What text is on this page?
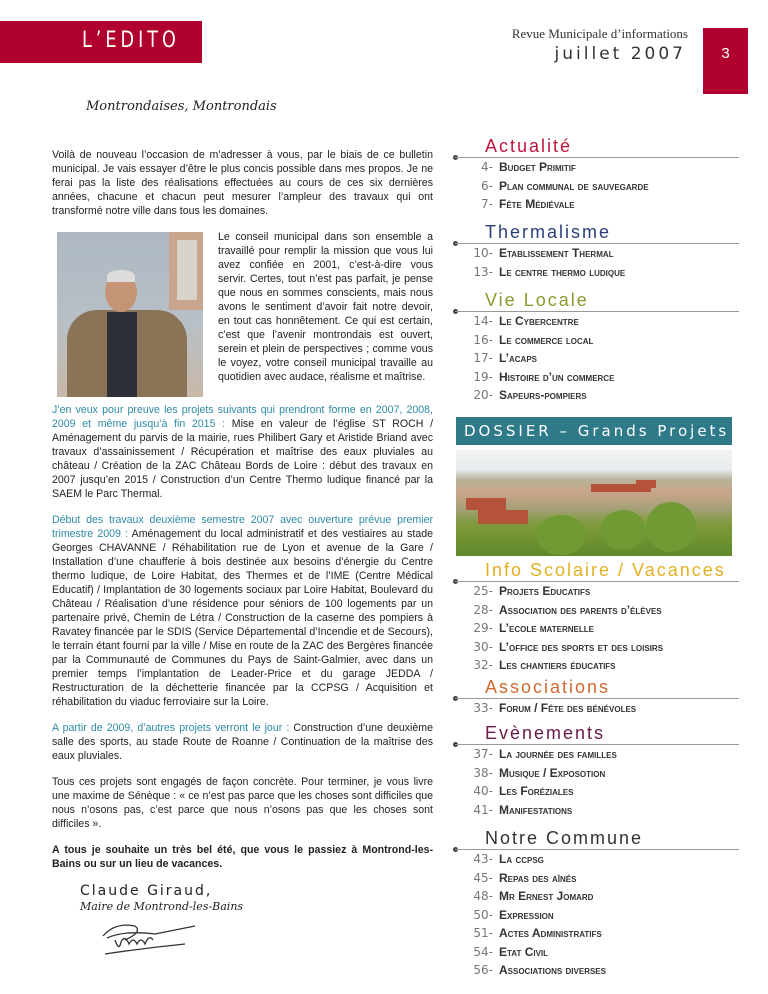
L’EDITO	Revue Municipale d’informations
juillet 2007	3
Montrondaises, Montrondais

Voilà de nouveau l’occasion de m’adresser à vous, par le biais de ce bulletin municipal. Je vais essayer d’être le plus concis possible dans mes propos. Je ne ferai pas la liste des réalisations effectuées au cours de ces six dernières années, chacune et chacun peut mesurer l’ampleur des travaux qui ont transformé notre ville dans tous les domaines.

Le conseil municipal dans son ensemble a travaillé pour remplir la mission que vous lui avez confiée en 2001, c’est-à-dire vous servir. Certes, tout n’est pas parfait, je pense que nous en sommes conscients, mais nous avons le sentiment d’avoir fait notre devoir, en tout cas honnêtement. Ce qui est certain, c’est que l’avenir montrondais est ouvert, serein et plein de perspectives ; comme vous le voyez, votre conseil municipal travaille au quotidien avec audace, réalisme et maîtrise.

J’en veux pour preuve les projets suivants qui prendront forme en 2007, 2008, 2009 et même jusqu’à fin 2015 : Mise en valeur de l’église ST ROCH / Aménagement du parvis de la mairie, rues Philibert Gary et Aristide Briand avec travaux d’assainissement / Récupération et maîtrise des eaux pluviales au château / Création de la ZAC Château Bords de Loire : début des travaux en 2007 jusqu’en 2015 / Construction d’un Centre Thermo ludique financé par la SAEM le Parc Thermal.

Début des travaux deuxième semestre 2007 avec ouverture prévue premier trimestre 2009 : Aménagement du local administratif et des vestiaires au stade Georges CHAVANNE / Réhabilitation rue de Lyon et avenue de la Gare / Installation d’une chaufferie à bois destinée aux besoins d’énergie du Centre thermo ludique, de Loire Habitat, des Thermes et de l’IME (Centre Médical Educatif) / Implantation de 30 logements sociaux par Loire Habitat, Boulevard du Château / Réalisation d’une résidence pour séniors de 100 logements par un partenaire privé, Chemin de Létra / Construction de la caserne des pompiers à Ravatey financée par le SDIS (Service Départemental d’Incendie et de Secours), le terrain étant fourni par la ville / Mise en route de la ZAC des Bergères financée par la Communauté de Communes du Pays de Saint-Galmier, avec dans un premier temps l’implantation de Leader-Price et du garage JEDDA / Restructuration de la déchetterie financée par la CCPSG / Acquisition et réhabilitation du viaduc ferroviaire sur la Loire.

A partir de 2009, d’autres projets verront le jour : Construction d’une deuxième salle des sports, au stade Route de Roanne / Continuation de la maîtrise des eaux pluviales.

Tous ces projets sont engagés de façon concrète. Pour terminer, je vous livre une maxime de Sénèque : « ce n’est pas parce que les choses sont difficiles que nous n’osons pas, c’est parce que nous n’osons pas que les choses sont difficiles ».

A tous je souhaite un très bel été, que vous le passiez à Montrond-les-Bains ou sur un lieu de vacances.

Claude Giraud,
Maire de Montrond-les-Bains
Actualité
4- Budget Primitif
6- Plan communal de sauvegarde
7- Fête Médiévale
Thermalisme
10- Etablissement Thermal
13- Le centre thermo ludique
Vie Locale
14- Le Cybercentre
16- Le commerce local
17- L’acaps
19- Histoire d’un commerce
20- Sapeurs-pompiers
DOSSIER – Grands Projets
Info Scolaire / Vacances
25- Projets Educatifs
28- Association des parents d’élèves
29- L’ecole maternelle
30- L’office des sports et des loisirs
32- Les chantiers éducatifs
Associations
33- Forum / Fête des bénévoles
Evènements
37- La journée des familles
38- Musique / Exposotion
40- Les Foréziales
41- Manifestations
Notre Commune
43- La ccpsg
45- Repas des aînés
48- Mr Ernest Jomard
50- Expression
51- Actes Administratifs
54- Etat Civil
56- Associations diverses
